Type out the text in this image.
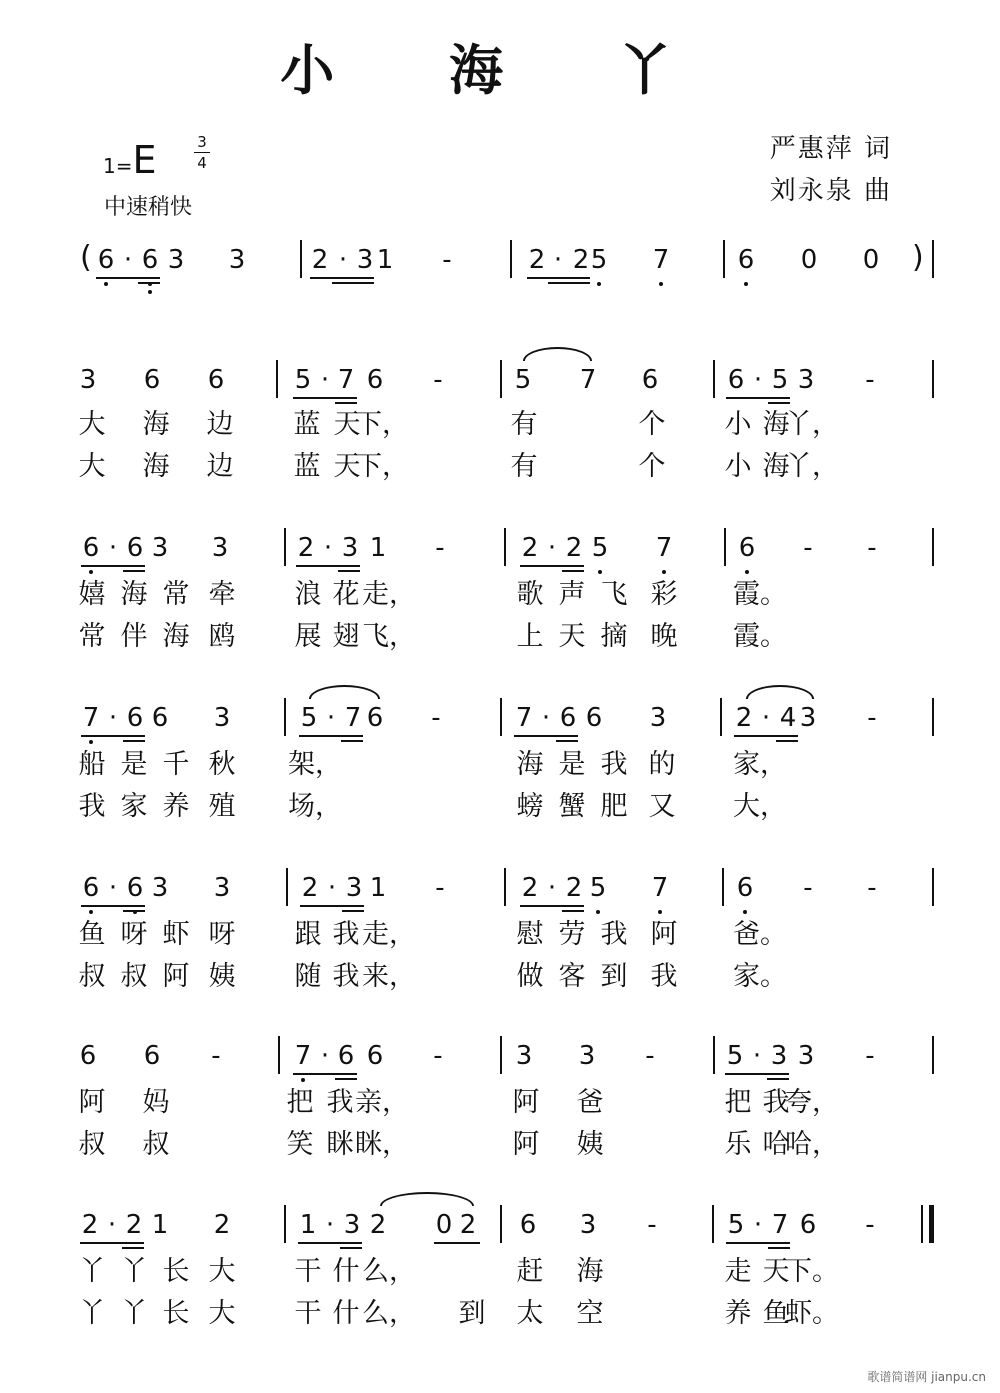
小 海 丫
1=E	3
4
中速稍快
严惠萍 词
刘永泉 曲
( 6 · 6 3 3	2 · 3 1 -	2 · 2 5 7	6 0 0 )
3 6 6	5 · 7 6 -	5 7 6	6 · 5 3 -
大 海 边 蓝 天
下，	有	个 小 海
丫，
大 海 边 蓝 天
下，	有	个 小 海
丫，
6 · 6 3 3	2 · 3 1 -	2 · 2 5 7	6 - -
嬉 海 常 牵 浪 花 走，	歌 声 飞 彩 霞。
常 伴 海 鸥 展 翅 飞，	上 天 摘 晚 霞。
7 · 6 6 3	5 · 7 6 -	7 · 6 6 3	2 · 4 3 -
船 是 千 秋 架，	海 是 我 的 家，
我 家 养 殖 场，	螃 蟹 肥 又 大，
6 · 6 3 3	2 · 3 1 -	2 · 2 5 7	6 - -
鱼 呀 虾 呀 跟 我 走，	慰 劳 我 阿 爸。
叔 叔 阿 姨 随 我 来，	做 客 到 我 家。
6 6 -	7 · 6 6 -	3 3 -	5 · 3 3 -
阿 妈	把 我 亲，	阿 爸	把 我
夸，
叔 叔	笑 眯 眯，	阿 姨	乐 哈
哈，
2 · 2 1 2	1 · 3 2 0 2 6 3 -	5 · 7 6 -
丫 丫 长 大 干 什 么，	赶 海	走 天
下。
丫 丫 长 大 干 什 么， 到 太 空	养 鱼
虾。
歌谱简谱网 jianpu.cn
